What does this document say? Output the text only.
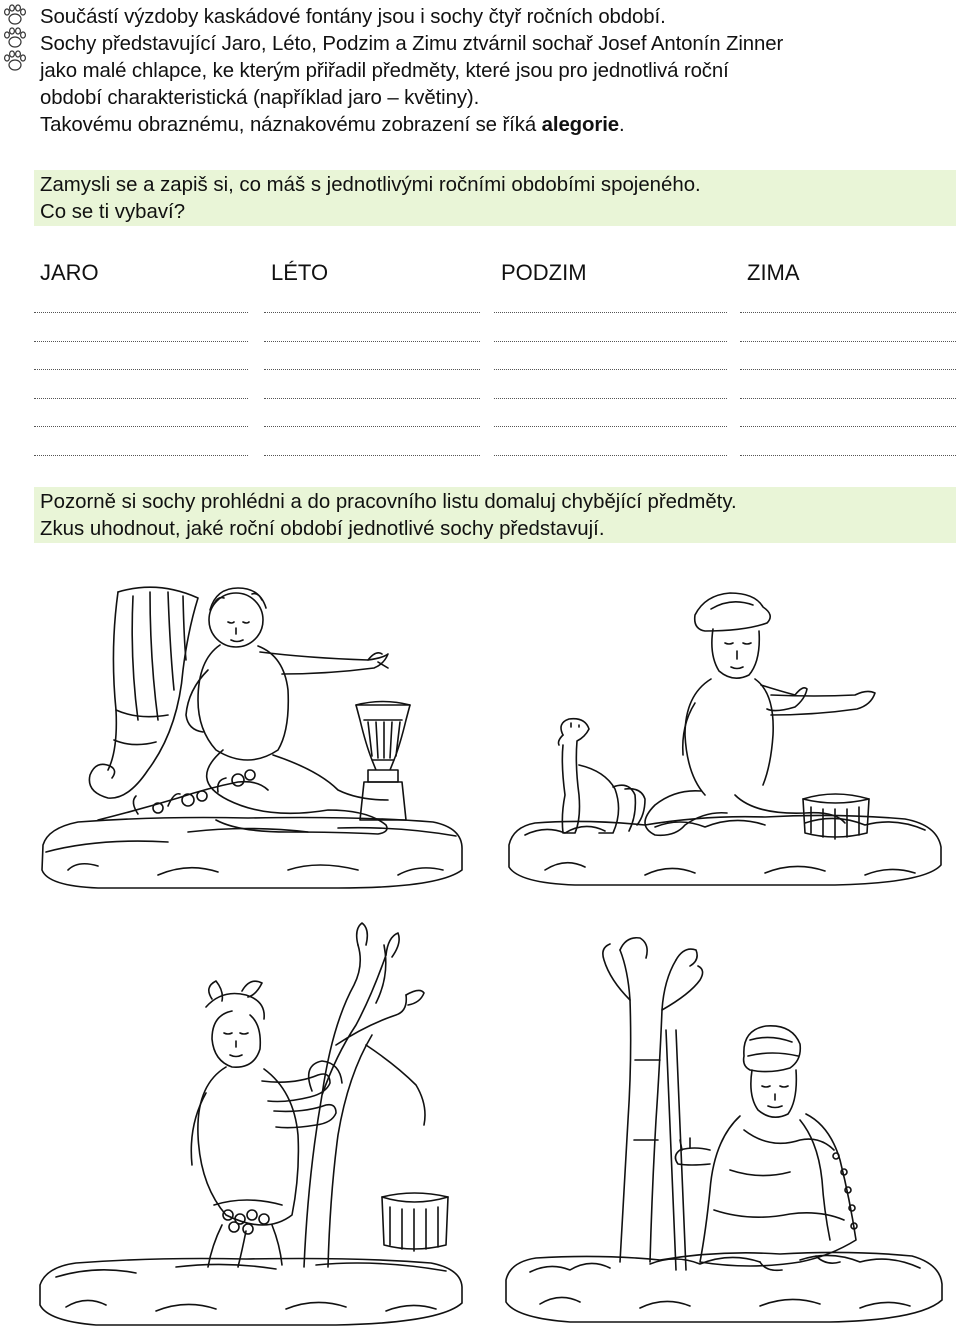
Součástí výzdoby kaskádové fontány jsou i sochy čtyř ročních období.

Sochy představující Jaro, Léto, Podzim a Zimu ztvárnil sochař Josef Antonín Zinner

jako malé chlapce, ke kterým přiřadil předměty, které jsou pro jednotlivá roční

období charakteristická (například jaro – květiny).

Takovému obraznému, náznakovému zobrazení se říká alegorie.

Zamysli se a zapiš si, co máš s jednotlivými ročními obdobími spojeného.

Co se ti vybaví?

JARO	LÉTO	PODZIM	ZIMA

Pozorně si sochy prohlédni a do pracovního listu domaluj chybějící předměty.

Zkus uhodnout, jaké roční období jednotlivé sochy představují.
